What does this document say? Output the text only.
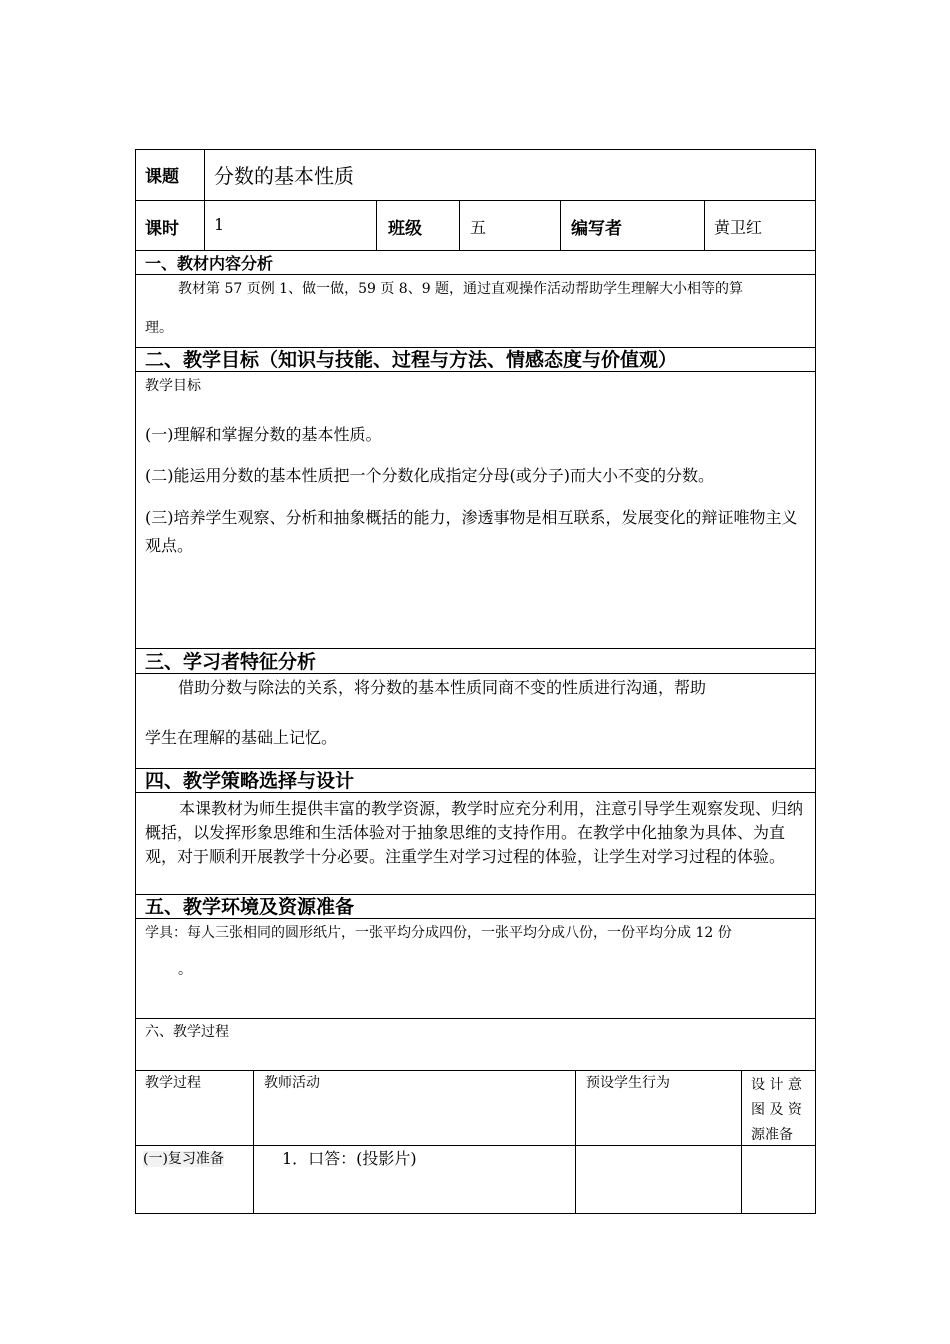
课题	分数的基本性质
课时	1	班级	五	编写者	黄卫红
一、教材内容分析

教材第 57 页例 1、做一做，59 页 8、9 题，通过直观操作活动帮助学生理解大小相等的算

理。

二、教学目标（知识与技能、过程与方法、情感态度与价值观）

教学目标

(一)理解和掌握分数的基本性质。

(二)能运用分数的基本性质把一个分数化成指定分母(或分子)而大小不变的分数。

(三)培养学生观察、分析和抽象概括的能力，渗透事物是相互联系，发展变化的辩证唯物主义观点。

三、学习者特征分析

借助分数与除法的关系，将分数的基本性质同商不变的性质进行沟通，帮助

学生在理解的基础上记忆。

四、教学策略选择与设计

本课教材为师生提供丰富的教学资源，教学时应充分利用，注意引导学生观察发现、归纳概括，以发挥形象思维和生活体验对于抽象思维的支持作用。在教学中化抽象为具体、为直观，对于顺利开展教学十分必要。注重学生对学习过程的体验，让学生对学习过程的体验。

五、教学环境及资源准备

学具：每人三张相同的圆形纸片，一张平均分成四份，一张平均分成八份，一份平均分成 12 份

。

六、教学过程

教学过程	教师活动	预设学生行为	设 计 意 图 及 资 源准备
(一)复习准备	1．口答：(投影片)
